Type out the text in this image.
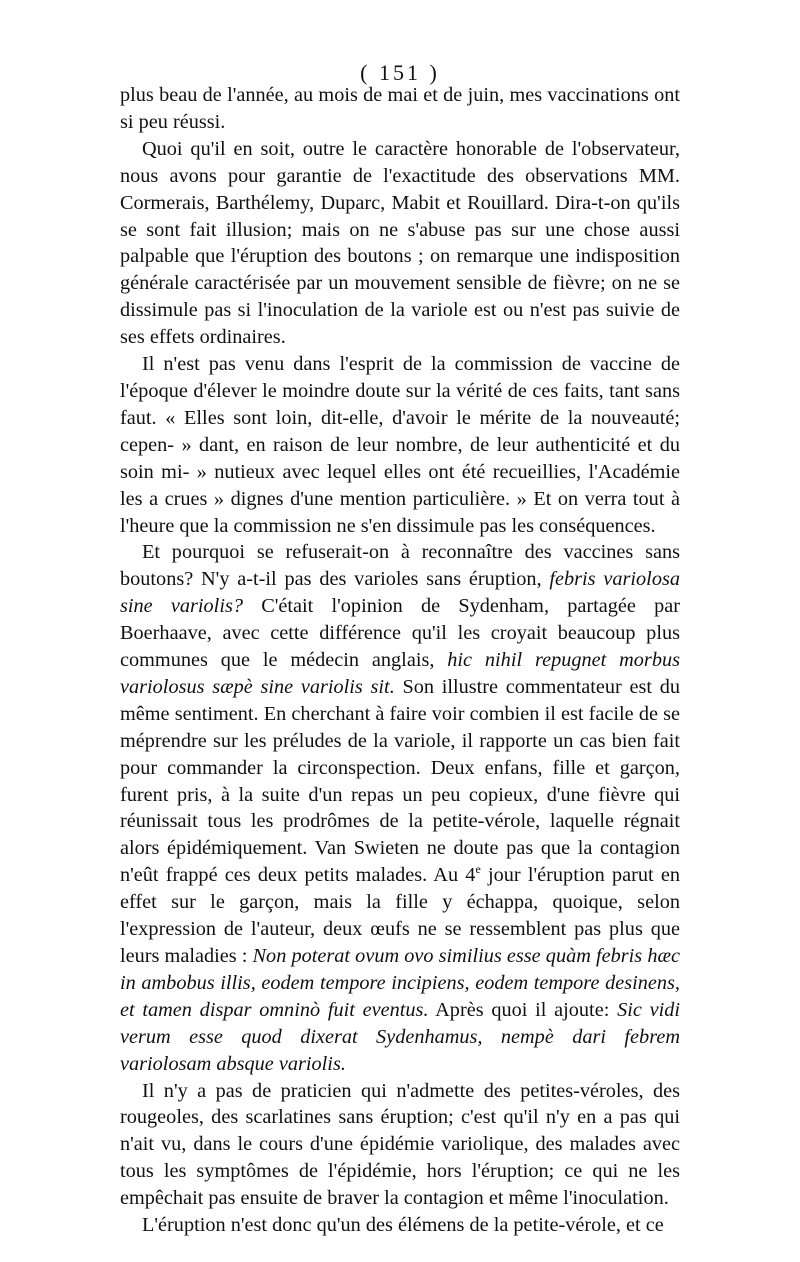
( 151 )

plus beau de l'année, au mois de mai et de juin, mes vaccinations ont si peu réussi.

Quoi qu'il en soit, outre le caractère honorable de l'observateur, nous avons pour garantie de l'exactitude des observations MM. Cormerais, Barthélemy, Duparc, Mabit et Rouillard. Dira-t-on qu'ils se sont fait illusion; mais on ne s'abuse pas sur une chose aussi palpable que l'éruption des boutons ; on remarque une indisposition générale caractérisée par un mouvement sensible de fièvre; on ne se dissimule pas si l'inoculation de la variole est ou n'est pas suivie de ses effets ordinaires.

Il n'est pas venu dans l'esprit de la commission de vaccine de l'époque d'élever le moindre doute sur la vérité de ces faits, tant sans faut. « Elles sont loin, dit-elle, d'avoir le mérite de la nouveauté; cepen- » dant, en raison de leur nombre, de leur authenticité et du soin mi- » nutieux avec lequel elles ont été recueillies, l'Académie les a crues » dignes d'une mention particulière. » Et on verra tout à l'heure que la commission ne s'en dissimule pas les conséquences.

Et pourquoi se refuserait-on à reconnaître des vaccines sans boutons? N'y a-t-il pas des varioles sans éruption, febris variolosa sine variolis? C'était l'opinion de Sydenham, partagée par Boerhaave, avec cette différence qu'il les croyait beaucoup plus communes que le médecin anglais, hic nihil repugnet morbus variolosus sæpè sine variolis sit. Son illustre commentateur est du même sentiment. En cherchant à faire voir combien il est facile de se méprendre sur les préludes de la variole, il rapporte un cas bien fait pour commander la circonspection. Deux enfans, fille et garçon, furent pris, à la suite d'un repas un peu copieux, d'une fièvre qui réunissait tous les prodrômes de la petite-vérole, laquelle régnait alors épidémiquement. Van Swieten ne doute pas que la contagion n'eût frappé ces deux petits malades. Au 4e jour l'éruption parut en effet sur le garçon, mais la fille y échappa, quoique, selon l'expression de l'auteur, deux œufs ne se ressemblent pas plus que leurs maladies : Non poterat ovum ovo similius esse quàm febris hæc in ambobus illis, eodem tempore incipiens, eodem tempore desinens, et tamen dispar omninò fuit eventus. Après quoi il ajoute: Sic vidi verum esse quod dixerat Sydenhamus, nempè dari febrem variolosam absque variolis.

Il n'y a pas de praticien qui n'admette des petites-véroles, des rougeoles, des scarlatines sans éruption; c'est qu'il n'y en a pas qui n'ait vu, dans le cours d'une épidémie variolique, des malades avec tous les symptômes de l'épidémie, hors l'éruption; ce qui ne les empêchait pas ensuite de braver la contagion et même l'inoculation.

L'éruption n'est donc qu'un des élémens de la petite-vérole, et ce
